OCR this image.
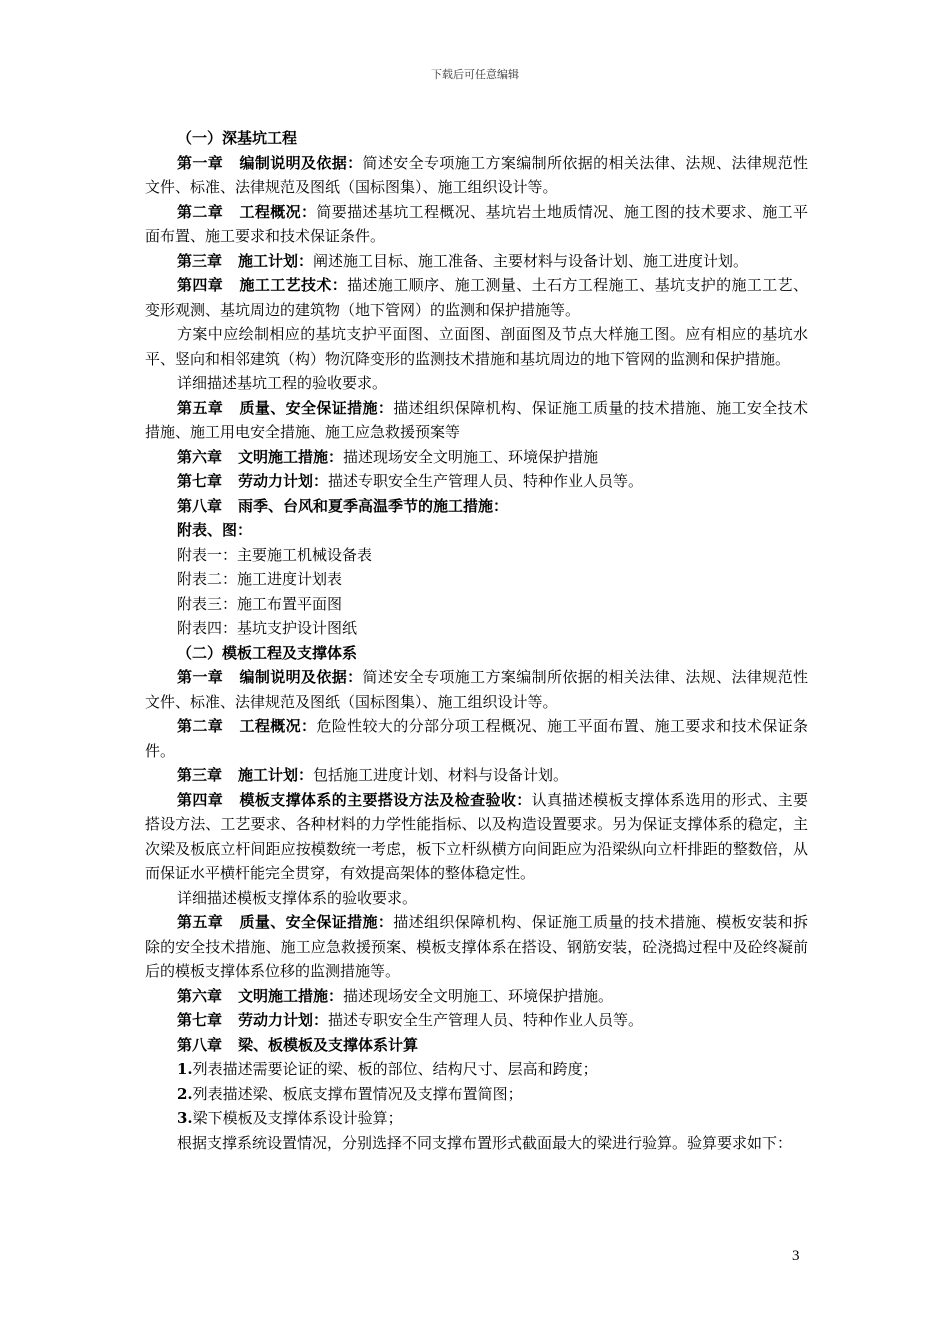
下载后可任意编辑

（一）深基坑工程

第一章 编制说明及依据：简述安全专项施工方案编制所依据的相关法律、法规、法律规范性文件、标准、法律规范及图纸（国标图集）、施工组织设计等。

第二章 工程概况：简要描述基坑工程概况、基坑岩土地质情况、施工图的技术要求、施工平面布置、施工要求和技术保证条件。

第三章 施工计划：阐述施工目标、施工准备、主要材料与设备计划、施工进度计划。

第四章 施工工艺技术：描述施工顺序、施工测量、土石方工程施工、基坑支护的施工工艺、变形观测、基坑周边的建筑物（地下管网）的监测和保护措施等。

方案中应绘制相应的基坑支护平面图、立面图、剖面图及节点大样施工图。应有相应的基坑水平、竖向和相邻建筑（构）物沉降变形的监测技术措施和基坑周边的地下管网的监测和保护措施。

详细描述基坑工程的验收要求。

第五章 质量、安全保证措施：描述组织保障机构、保证施工质量的技术措施、施工安全技术措施、施工用电安全措施、施工应急救援预案等

第六章 文明施工措施：描述现场安全文明施工、环境保护措施

第七章 劳动力计划：描述专职安全生产管理人员、特种作业人员等。

第八章 雨季、台风和夏季高温季节的施工措施：

附表、图：

附表一：主要施工机械设备表

附表二：施工进度计划表

附表三：施工布置平面图

附表四：基坑支护设计图纸

（二）模板工程及支撑体系

第一章 编制说明及依据：简述安全专项施工方案编制所依据的相关法律、法规、法律规范性文件、标准、法律规范及图纸（国标图集）、施工组织设计等。

第二章 工程概况：危险性较大的分部分项工程概况、施工平面布置、施工要求和技术保证条件。

第三章 施工计划：包括施工进度计划、材料与设备计划。

第四章 模板支撑体系的主要搭设方法及检查验收：认真描述模板支撑体系选用的形式、主要搭设方法、工艺要求、各种材料的力学性能指标、以及构造设置要求。另为保证支撑体系的稳定，主次梁及板底立杆间距应按模数统一考虑，板下立杆纵横方向间距应为沿梁纵向立杆排距的整数倍，从而保证水平横杆能完全贯穿，有效提高架体的整体稳定性。

详细描述模板支撑体系的验收要求。

第五章 质量、安全保证措施：描述组织保障机构、保证施工质量的技术措施、模板安装和拆除的安全技术措施、施工应急救援预案、模板支撑体系在搭设、钢筋安装，砼浇捣过程中及砼终凝前后的模板支撑体系位移的监测措施等。

第六章 文明施工措施：描述现场安全文明施工、环境保护措施。

第七章 劳动力计划：描述专职安全生产管理人员、特种作业人员等。

第八章 梁、板模板及支撑体系计算

1.列表描述需要论证的梁、板的部位、结构尺寸、层高和跨度；

2.列表描述梁、板底支撑布置情况及支撑布置简图；

3.梁下模板及支撑体系设计验算；

根据支撑系统设置情况，分别选择不同支撑布置形式截面最大的梁进行验算。验算要求如下：

3
